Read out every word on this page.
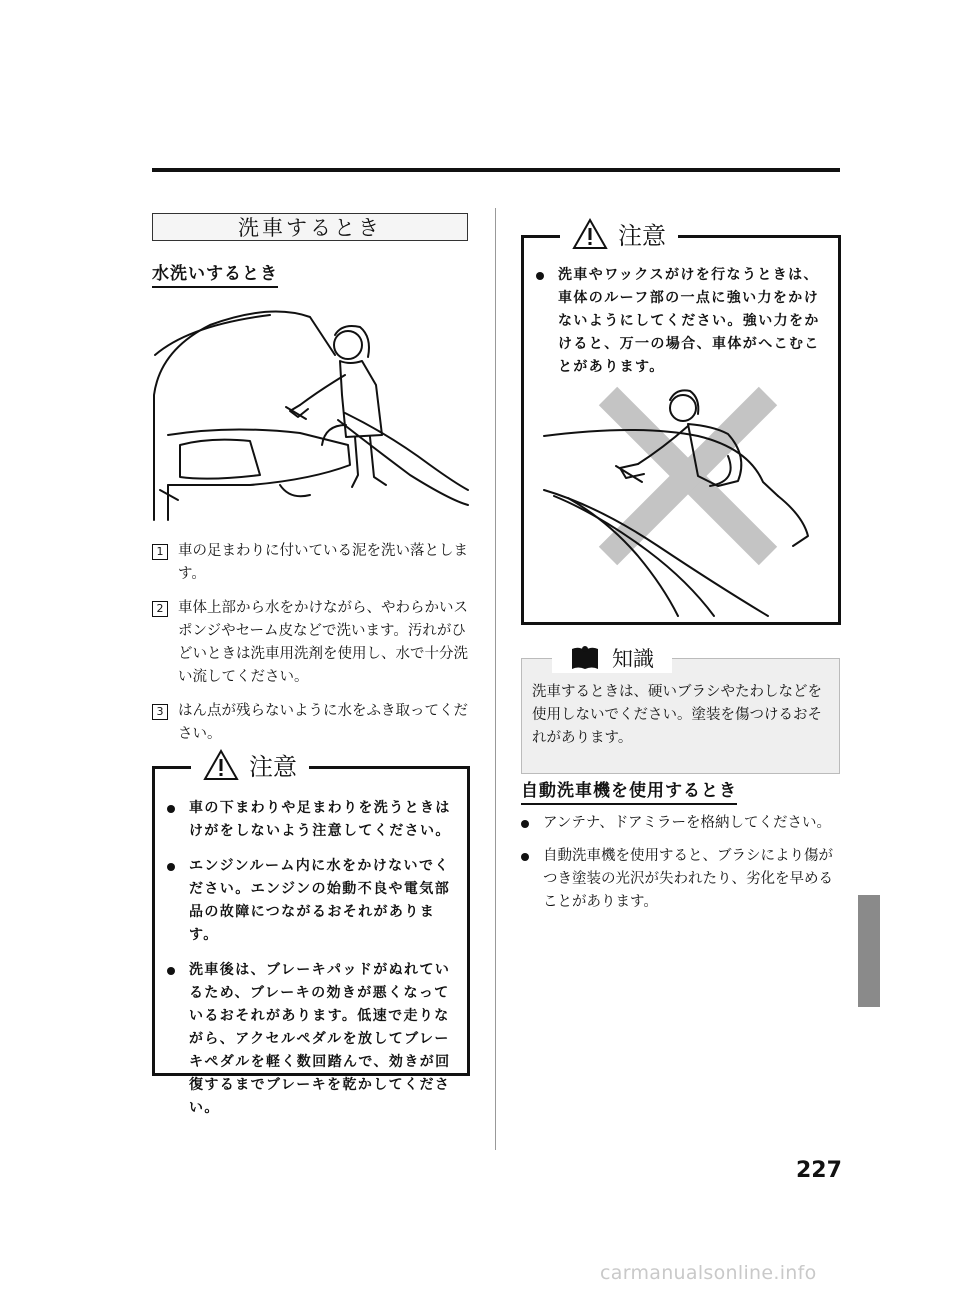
洗車するとき
水洗いするとき
1	車の足まわりに付いている泥を洗い落とします。
2	車体上部から水をかけながら、やわらかいスポンジやセーム皮などで洗います。汚れがひどいときは洗車用洗剤を使用し、水で十分洗い流してください。
3	はん点が残らないように水をふき取ってください。
注意
車の下まわりや足まわりを洗うときはけがをしないよう注意してください。
エンジンルーム内に水をかけないでください。エンジンの始動不良や電気部品の故障につながるおそれがあります。
洗車後は、ブレーキパッドがぬれているため、ブレーキの効きが悪くなっているおそれがあります。低速で走りながら、アクセルペダルを放してブレーキペダルを軽く数回踏んで、効きが回復するまでブレーキを乾かしてください。
注意
洗車やワックスがけを行なうときは、車体のルーフ部の一点に強い力をかけないようにしてください。強い力をかけると、万一の場合、車体がへこむことがあります。
知識
洗車するときは、硬いブラシやたわしなどを使用しないでください。塗装を傷つけるおそれがあります。
自動洗車機を使用するとき
アンテナ、ドアミラーを格納してください。
自動洗車機を使用すると、ブラシにより傷がつき塗装の光沢が失われたり、劣化を早めることがあります。
227
carmanualsonline.info
